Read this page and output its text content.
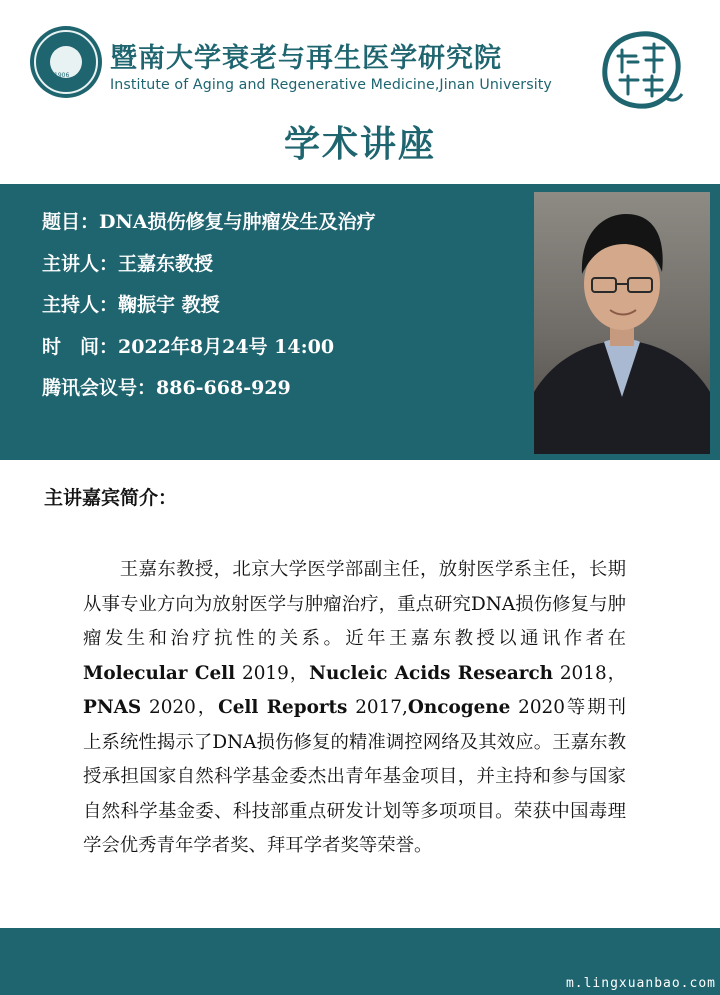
1906
暨南大学衰老与再生医学研究院
Institute of Aging and Regenerative Medicine,Jinan University
学术讲座
题目：DNA损伤修复与肿瘤发生及治疗
主讲人：王嘉东教授
主持人：鞠振宇 教授
时　间：2022年8月24号 14:00
腾讯会议号：886-668-929
主讲嘉宾简介：

王嘉东教授，北京大学医学部副主任，放射医学系主任，长期从事专业方向为放射医学与肿瘤治疗，重点研究DNA损伤修复与肿瘤发生和治疗抗性的关系。近年王嘉东教授以通讯作者在Molecular Cell 2019，Nucleic Acids Research 2018，PNAS 2020，Cell Reports 2017,Oncogene 2020等期刊上系统性揭示了DNA损伤修复的精准调控网络及其效应。王嘉东教授承担国家自然科学基金委杰出青年基金项目，并主持和参与国家自然科学基金委、科技部重点研发计划等多项项目。荣获中国毒理学会优秀青年学者奖、拜耳学者奖等荣誉。

m.lingxuanbao.com
